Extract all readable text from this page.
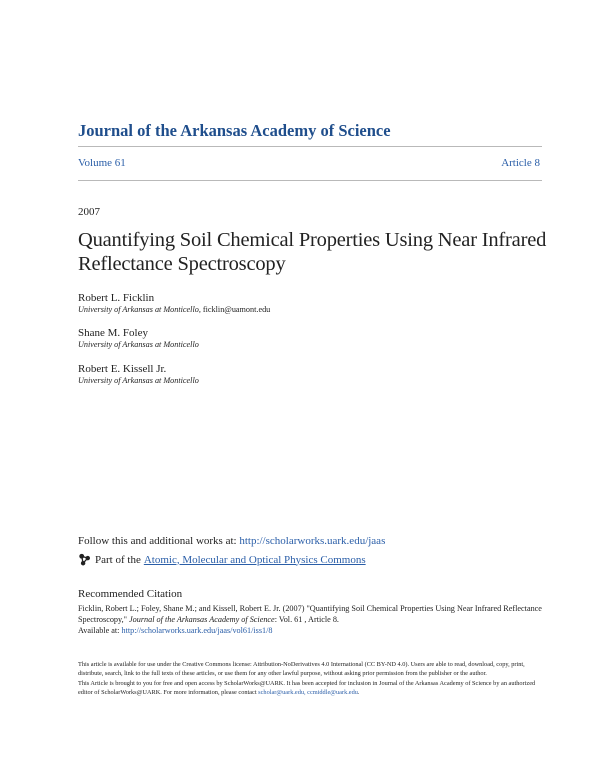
Journal of the Arkansas Academy of Science
Volume 61	Article 8
2007
Quantifying Soil Chemical Properties Using Near Infrared Reflectance Spectroscopy
Robert L. Ficklin
University of Arkansas at Monticello, ficklin@uamont.edu
Shane M. Foley
University of Arkansas at Monticello
Robert E. Kissell Jr.
University of Arkansas at Monticello
Follow this and additional works at: http://scholarworks.uark.edu/jaas
Part of the Atomic, Molecular and Optical Physics Commons
Recommended Citation
Ficklin, Robert L.; Foley, Shane M.; and Kissell, Robert E. Jr. (2007) "Quantifying Soil Chemical Properties Using Near Infrared Reflectance Spectroscopy," Journal of the Arkansas Academy of Science: Vol. 61 , Article 8.
Available at: http://scholarworks.uark.edu/jaas/vol61/iss1/8
This article is available for use under the Creative Commons license: Attribution-NoDerivatives 4.0 International (CC BY-ND 4.0). Users are able to read, download, copy, print, distribute, search, link to the full texts of these articles, or use them for any other lawful purpose, without asking prior permission from the publisher or the author.
This Article is brought to you for free and open access by ScholarWorks@UARK. It has been accepted for inclusion in Journal of the Arkansas Academy of Science by an authorized editor of ScholarWorks@UARK. For more information, please contact scholar@uark.edu, ccmiddle@uark.edu.
